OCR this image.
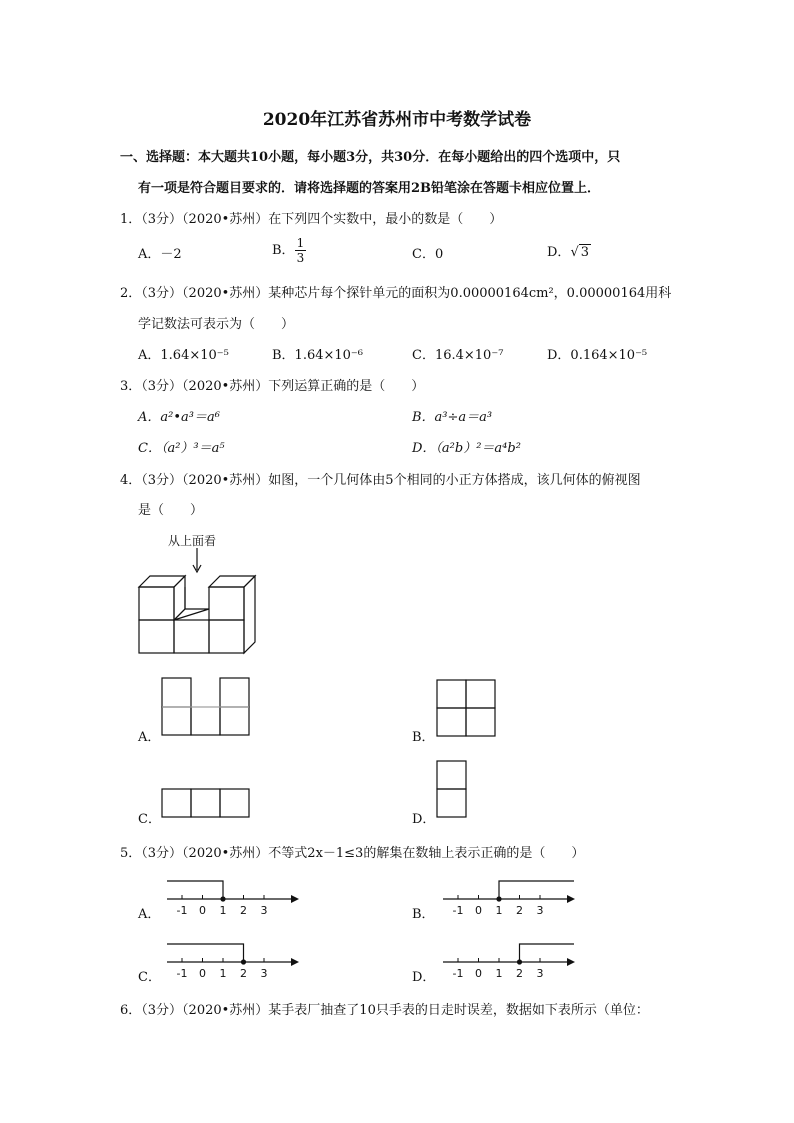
2020年江苏省苏州市中考数学试卷
一、选择题：本大题共10小题，每小题3分，共30分．在每小题给出的四个选项中，只
有一项是符合题目要求的．请将选择题的答案用2B铅笔涂在答题卡相应位置上．
1．（3分）（2020•苏州）在下列四个实数中，最小的数是（　　）
A．－2	B． $\frac{1}{3}$	C．0	D．√ 3
2．（3分）（2020•苏州）某种芯片每个探针单元的面积为0.00000164cm²，0.00000164用科
学记数法可表示为（　　）
A．1.64×10⁻⁵	B．1.64×10⁻⁶	C．16.4×10⁻⁷	D．0.164×10⁻⁵
3．（3分）（2020•苏州）下列运算正确的是（　　）
A．a²•a³＝a⁶	B．a³÷a＝a³
C．（a²）³＝a⁵	D．（a²b）²＝a⁴b²
4．（3分）（2020•苏州）如图，一个几何体由5个相同的小正方体搭成，该几何体的俯视图
是（　　）
从上面看
A．	B．
C．	D．
5．（3分）（2020•苏州）不等式2x－1≤3的解集在数轴上表示正确的是（　　）
A． -1 0 1 2 3	B． -1 0 1 2 3
C． -1 0 1 2 3	D． -1 0 1 2 3
6．（3分）（2020•苏州）某手表厂抽查了10只手表的日走时误差，数据如下表所示（单位：
